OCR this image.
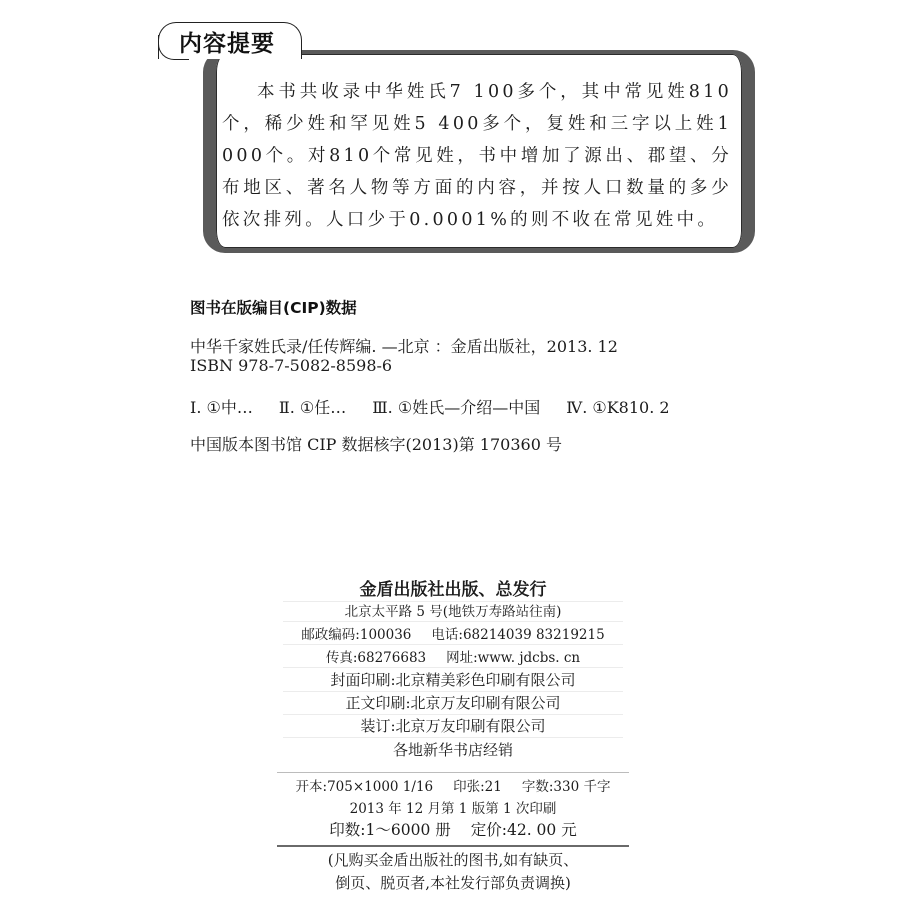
内容提要

本书共收录中华姓氏7 100多个，其中常见姓810个，稀少姓和罕见姓5 400多个，复姓和三字以上姓1 000个。对810个常见姓，书中增加了源出、郡望、分布地区、著名人物等方面的内容，并按人口数量的多少依次排列。人口少于0.0001%的则不收在常见姓中。

图书在版编目(CIP)数据
中华千家姓氏录/任传辉编. —北京 ：金盾出版社，2013. 12
ISBN 978-7-5082-8598-6
Ⅰ. ①中… Ⅱ. ①任… Ⅲ. ①姓氏—介绍—中国 Ⅳ. ①K810. 2
中国版本图书馆 CIP 数据核字(2013)第 170360 号
金盾出版社出版、总发行
北京太平路 5 号(地铁万寿路站往南)
邮政编码:100036 电话:68214039 83219215
传真:68276683 网址:www. jdcbs. cn
封面印刷:北京精美彩色印刷有限公司
正文印刷:北京万友印刷有限公司
装订:北京万友印刷有限公司
各地新华书店经销
开本:705×1000 1/16 印张:21 字数:330 千字
2013 年 12 月第 1 版第 1 次印刷
印数:1～6000 册 定价:42. 00 元
(凡购买金盾出版社的图书,如有缺页、
倒页、脱页者,本社发行部负责调换)
